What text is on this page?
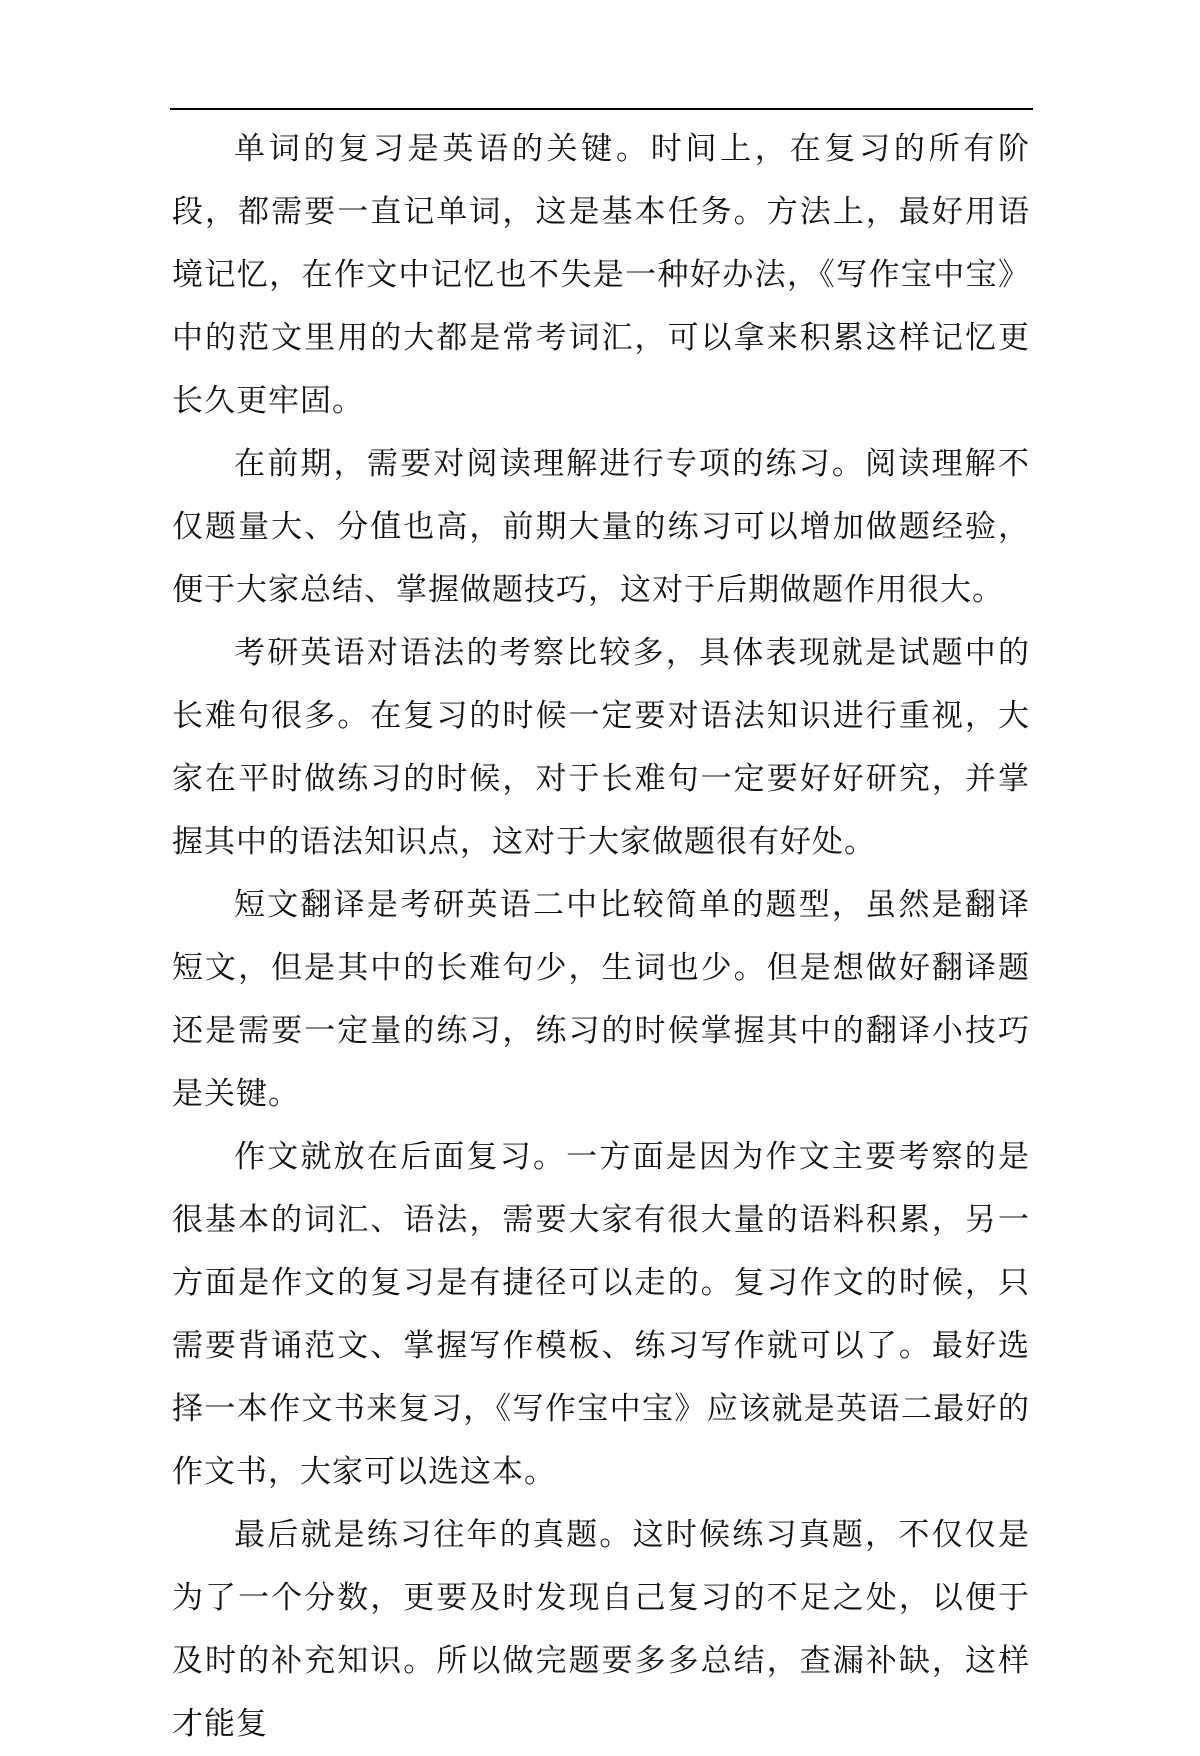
单词的复习是英语的关键。时间上，在复习的所有阶段，都需要一直记单词，这是基本任务。方法上，最好用语境记忆，在作文中记忆也不失是一种好办法，《写作宝中宝》中的范文里用的大都是常考词汇，可以拿来积累这样记忆更长久更牢固。

在前期，需要对阅读理解进行专项的练习。阅读理解不仅题量大、分值也高，前期大量的练习可以增加做题经验，便于大家总结、掌握做题技巧，这对于后期做题作用很大。

考研英语对语法的考察比较多，具体表现就是试题中的长难句很多。在复习的时候一定要对语法知识进行重视，大家在平时做练习的时候，对于长难句一定要好好研究，并掌握其中的语法知识点，这对于大家做题很有好处。

短文翻译是考研英语二中比较简单的题型，虽然是翻译短文，但是其中的长难句少，生词也少。但是想做好翻译题还是需要一定量的练习，练习的时候掌握其中的翻译小技巧是关键。

作文就放在后面复习。一方面是因为作文主要考察的是很基本的词汇、语法，需要大家有很大量的语料积累，另一方面是作文的复习是有捷径可以走的。复习作文的时候，只需要背诵范文、掌握写作模板、练习写作就可以了。最好选择一本作文书来复习，《写作宝中宝》应该就是英语二最好的作文书，大家可以选这本。

最后就是练习往年的真题。这时候练习真题，不仅仅是为了一个分数，更要及时发现自己复习的不足之处，以便于及时的补充知识。所以做完题要多多总结，查漏补缺，这样才能复
